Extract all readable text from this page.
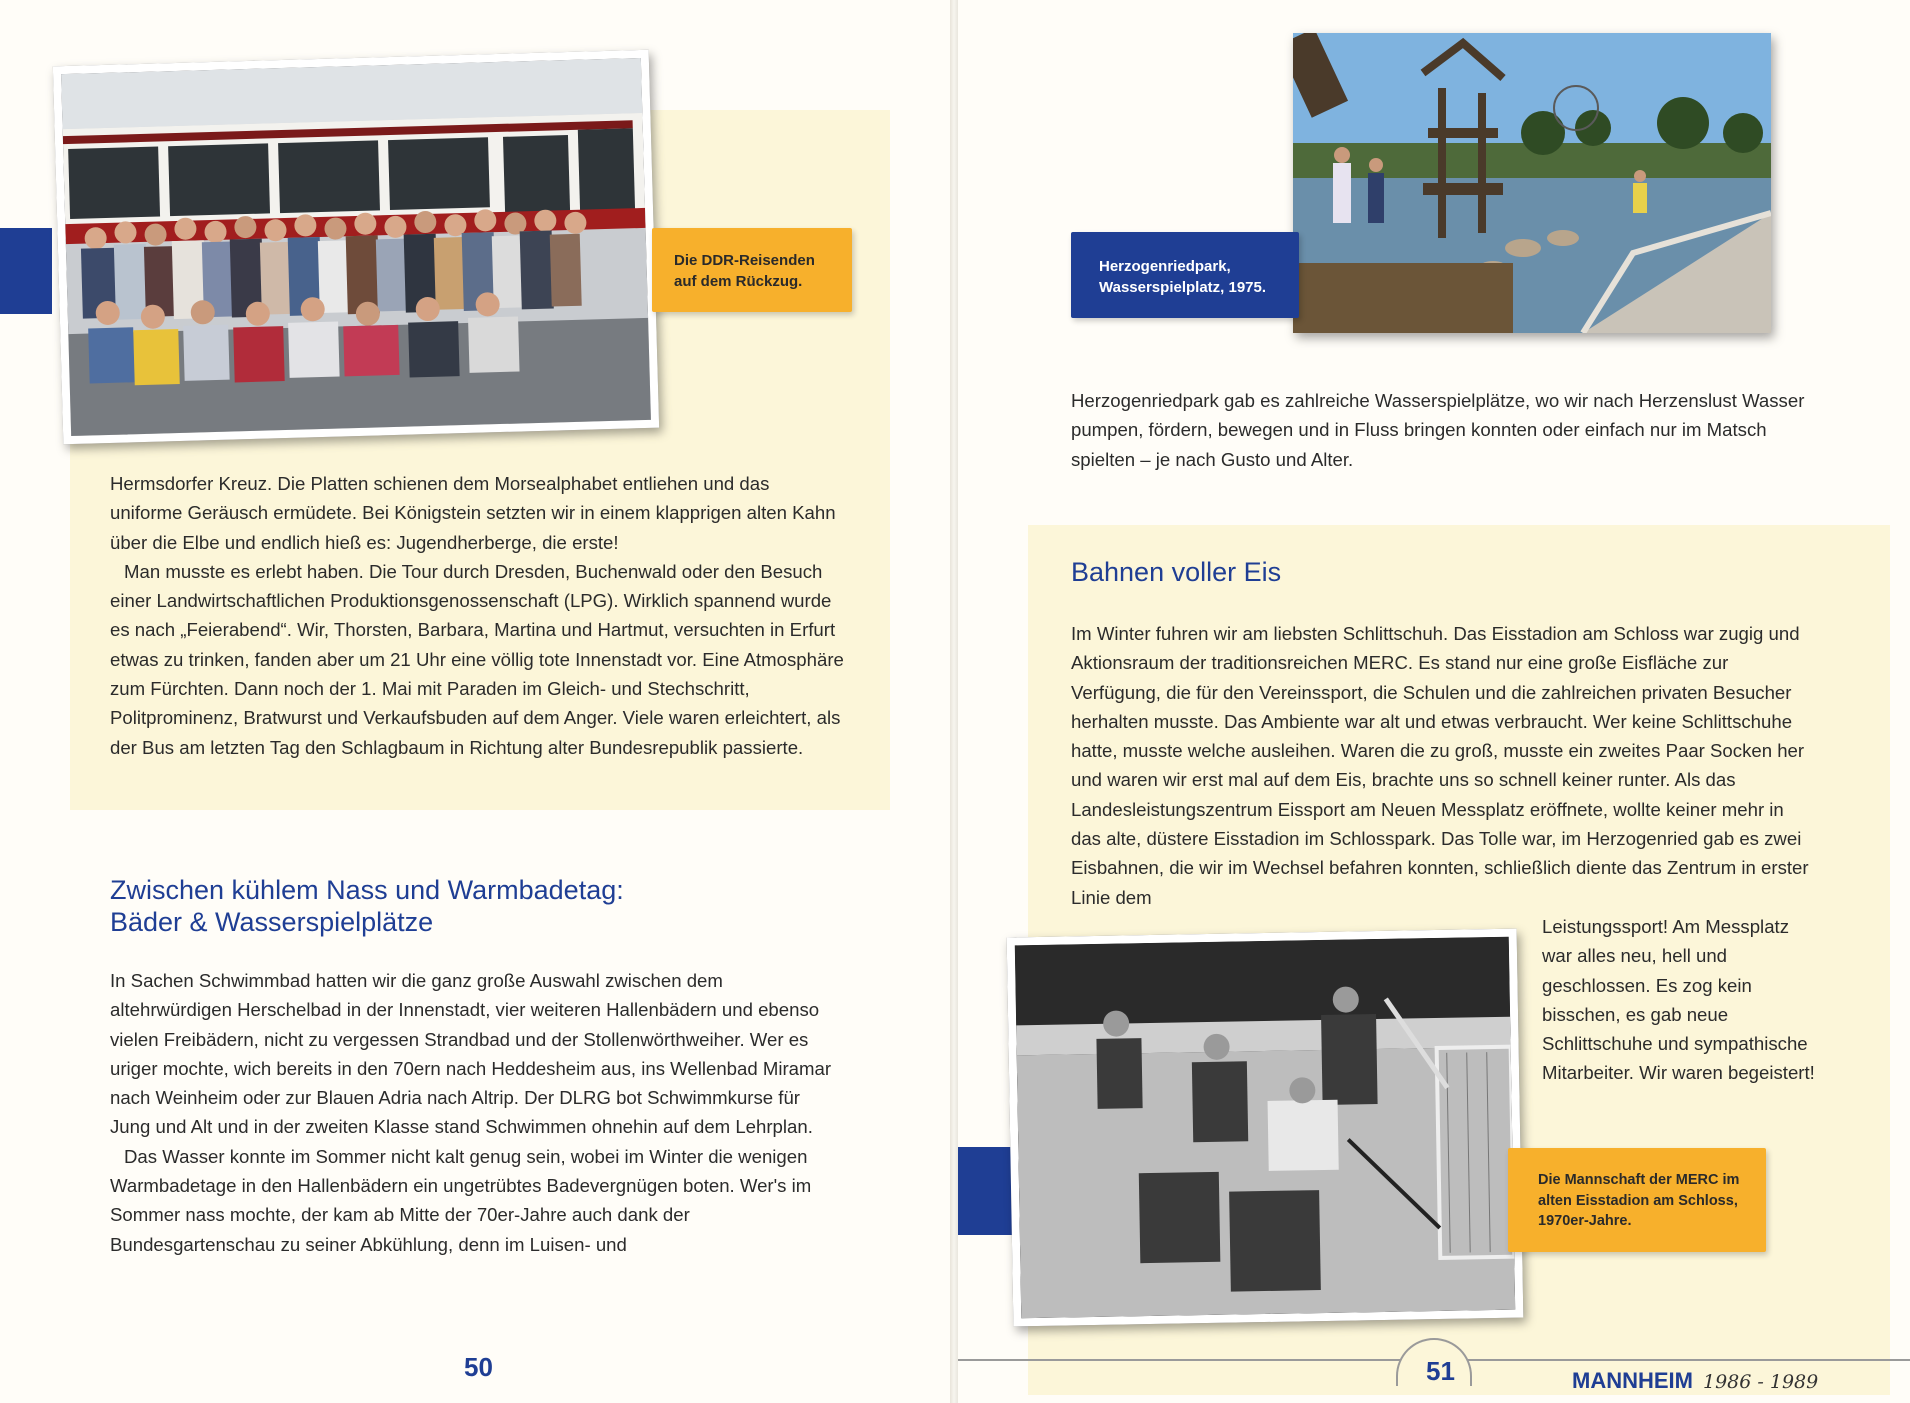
Die DDR-Reisenden
auf dem Rückzug.

Hermsdorfer Kreuz. Die Platten schienen dem Morsealphabet entliehen und das uniforme Geräusch ermüdete. Bei Königstein setzten wir in einem klapprigen alten Kahn über die Elbe und endlich hieß es: Jugendherberge, die erste!

Man musste es erlebt haben. Die Tour durch Dresden, Buchenwald oder den Besuch einer Landwirtschaftlichen Produktionsgenossenschaft (LPG). Wirklich spannend wurde es nach „Feierabend“. Wir, Thorsten, Barbara, Martina und Hartmut, versuchten in Erfurt etwas zu trinken, fanden aber um 21 Uhr eine völlig tote Innenstadt vor. Eine Atmosphäre zum Fürchten. Dann noch der 1. Mai mit Paraden im Gleich- und Stechschritt, Politprominenz, Bratwurst und Verkaufsbuden auf dem Anger. Viele waren erleichtert, als der Bus am letzten Tag den Schlagbaum in Richtung alter Bundesrepublik passierte.

Zwischen kühlem Nass und Warmbadetag:
Bäder & Wasserspielplätze

In Sachen Schwimmbad hatten wir die ganz große Auswahl zwischen dem altehrwürdigen Herschelbad in der Innenstadt, vier weiteren Hallenbädern und ebenso vielen Freibädern, nicht zu vergessen Strandbad und der Stollenwörthweiher. Wer es uriger mochte, wich bereits in den 70ern nach Heddesheim aus, ins Wellenbad Miramar nach Weinheim oder zur Blauen Adria nach Altrip. Der DLRG bot Schwimmkurse für Jung und Alt und in der zweiten Klasse stand Schwimmen ohnehin auf dem Lehrplan.

Das Wasser konnte im Sommer nicht kalt genug sein, wobei im Winter die wenigen Warmbadetage in den Hallenbädern ein ungetrübtes Badevergnügen boten. Wer's im Sommer nass mochte, der kam ab Mitte der 70er-Jahre auch dank der Bundesgartenschau zu seiner Abkühlung, denn im Luisen- und

50
Herzogenriedpark,
Wasserspielplatz, 1975.

Herzogenriedpark gab es zahlreiche Wasserspielplätze, wo wir nach Herzenslust Wasser pumpen, fördern, bewegen und in Fluss bringen konnten oder einfach nur im Matsch spielten – je nach Gusto und Alter.

Bahnen voller Eis

Im Winter fuhren wir am liebsten Schlittschuh. Das Eisstadion am Schloss war zugig und Aktionsraum der traditionsreichen MERC. Es stand nur eine große Eisfläche zur Verfügung, die für den Vereinssport, die Schulen und die zahlreichen privaten Besucher herhalten musste. Das Ambiente war alt und etwas verbraucht. Wer keine Schlittschuhe hatte, musste welche ausleihen. Waren die zu groß, musste ein zweites Paar Socken her und waren wir erst mal auf dem Eis, brachte uns so schnell keiner runter. Als das Landesleistungszentrum Eissport am Neuen Messplatz eröffnete, wollte keiner mehr in das alte, düstere Eisstadion im Schlosspark. Das Tolle war, im Herzogenried gab es zwei Eisbahnen, die wir im Wechsel befahren konnten, schließlich diente das Zentrum in erster Linie dem

Leistungssport! Am Messplatz war alles neu, hell und geschlossen. Es zog kein bisschen, es gab neue Schlittschuhe und sympathische Mitarbeiter. Wir waren begeistert!

Die Mannschaft der MERC im
alten Eisstadion am Schloss,
1970er-Jahre.
51	MANNHEIM 1986 - 1989
